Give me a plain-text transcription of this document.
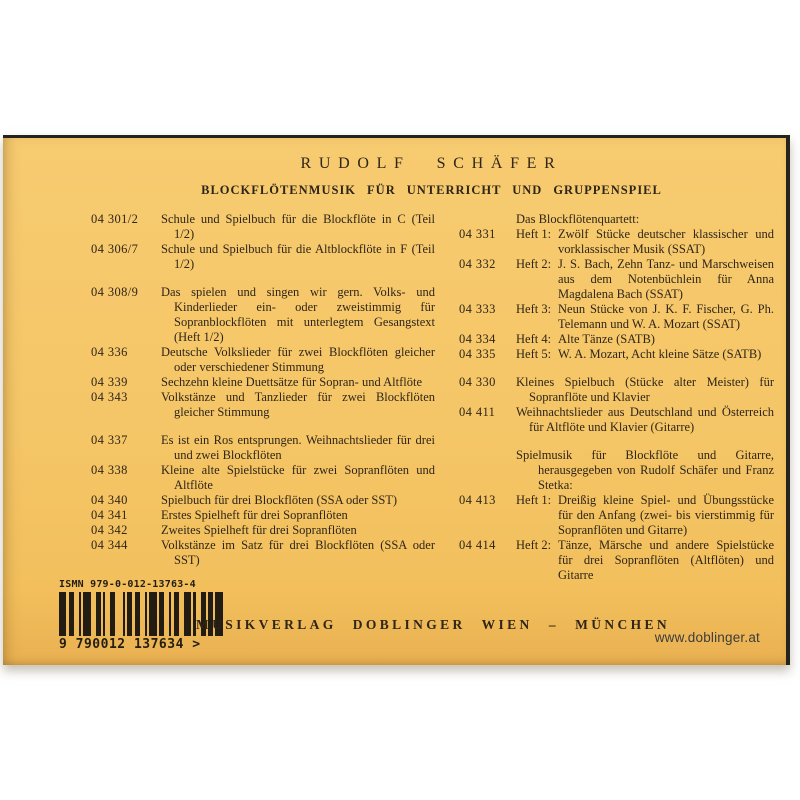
RUDOLF SCHÄFER
BLOCKFLÖTENMUSIK FÜR UNTERRICHT UND GRUPPENSPIEL
04 301/2	Schule und Spielbuch für die Blockflöte in C (Teil 1/2)
04 306/7	Schule und Spielbuch für die Altblockflöte in F (Teil 1/2)
04 308/9	Das spielen und singen wir gern. Volks- und Kinderlieder ein- oder zweistimmig für Sopranblockflöten mit unterlegtem Gesangstext (Heft 1/2)
04 336	Deutsche Volkslieder für zwei Blockflöten gleicher oder verschiedener Stimmung
04 339	Sechzehn kleine Duettsätze für Sopran- und Altflöte
04 343	Volkstänze und Tanzlieder für zwei Blockflöten gleicher Stimmung
04 337	Es ist ein Ros entsprungen. Weihnachtslieder für drei und zwei Blockflöten
04 338	Kleine alte Spielstücke für zwei Sopranflöten und Altflöte
04 340	Spielbuch für drei Blockflöten (SSA oder SST)
04 341	Erstes Spielheft für drei Sopranflöten
04 342	Zweites Spielheft für drei Sopranflöten
04 344	Volkstänze im Satz für drei Blockflöten (SSA oder SST)
Das Blockflötenquartett:
04 331	Heft 1: Zwölf Stücke deutscher klassischer und vorklassischer Musik (SSAT)
04 332	Heft 2: J. S. Bach, Zehn Tanz- und Marschweisen aus dem Notenbüchlein für Anna Magdalena Bach (SSAT)
04 333	Heft 3: Neun Stücke von J. K. F. Fischer, G. Ph. Telemann und W. A. Mozart (SSAT)
04 334	Heft 4: Alte Tänze (SATB)
04 335	Heft 5: W. A. Mozart, Acht kleine Sätze (SATB)
04 330	Kleines Spielbuch (Stücke alter Meister) für Sopranflöte und Klavier
04 411	Weihnachtslieder aus Deutschland und Österreich für Altflöte und Klavier (Gitarre)
Spielmusik für Blockflöte und Gitarre, herausgegeben von Rudolf Schäfer und Franz Stetka:
04 413	Heft 1: Dreißig kleine Spiel- und Übungsstücke für den Anfang (zwei- bis vierstimmig für Sopranflöten und Gitarre)
04 414	Heft 2: Tänze, Märsche und andere Spielstücke für drei Sopranflöten (Altflöten) und Gitarre
ISMN 979-0-012-13763-4
9 790012 137634 >
MUSIKVERLAG DOBLINGER WIEN – MÜNCHEN
www.doblinger.at
